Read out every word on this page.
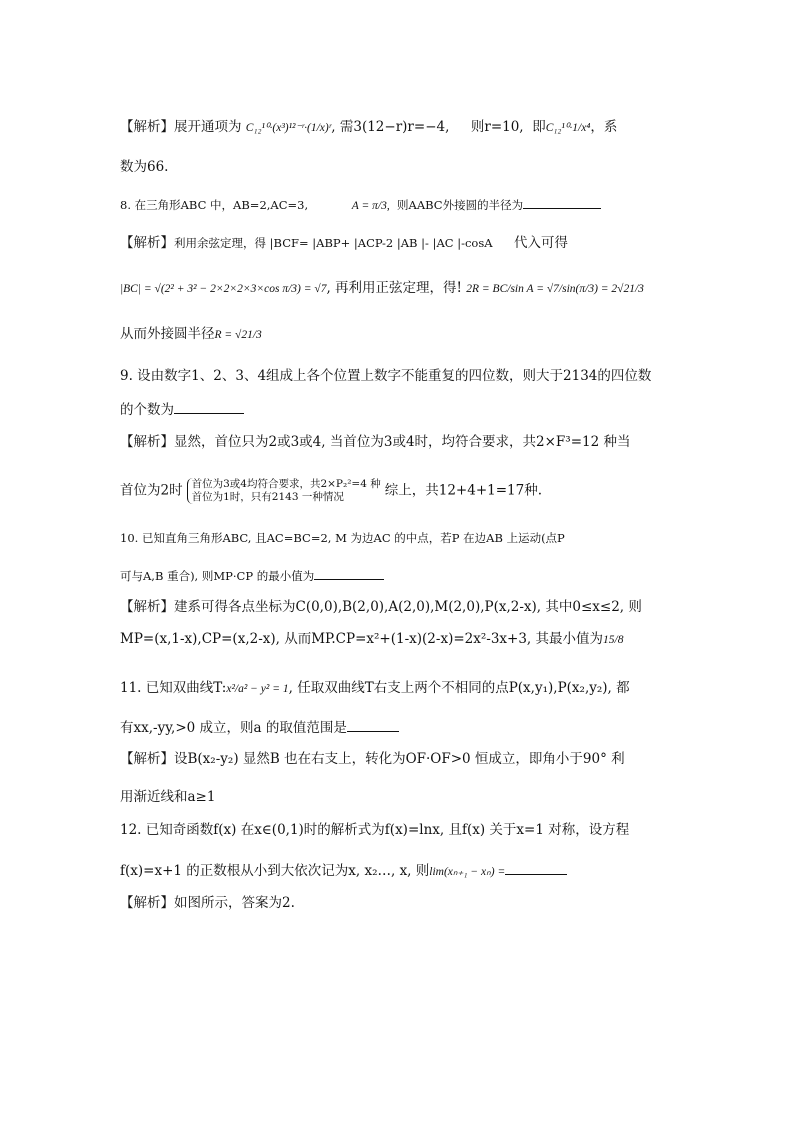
【解析】展开通项为 C₁₂¹⁰·(x³)¹²⁻ʳ·(1/x)ʳ, 需3(12−r)r=−4, 则r=10, 即C₁₂¹⁰·1/x⁴，系
数为66.
8. 在三角形ABC 中，AB=2,AC=3,	A = π/3, 则AABC外接圆的半径为
【解析】利用余弦定理，得 |BCF= |ABP+ |ACP-2 |AB |- |AC |-cosA 代入可得
|BC| = √(2² + 3² − 2×2×2×3×cos π/3) = √7, 再利用正弦定理，得! 2R = BC/sin A = √7/sin(π/3) = 2√21/3
从而外接圆半径R = √21/3
9. 设由数字1、2、3、4组成上各个位置上数字不能重复的四位数，则大于2134的四位数
的个数为
【解析】显然，首位只为2或3或4, 当首位为3或4时，均符合要求，共2×F³=12 种当
首位为2时 首位为3或4均符合要求，共2×P₂²=4 种
首位为1时，只有2143 一种情况	综上，共12+4+1=17种.
10. 已知直角三角形ABC, 且AC=BC=2, M 为边AC 的中点，若P 在边AB 上运动(点P
可与A,B 重合), 则MP·CP 的最小值为
【解析】建系可得各点坐标为C(0,0),B(2,0),A(2,0),M(2,0),P(x,2-x), 其中0≤x≤2, 则
MP=(x,1-x),CP=(x,2-x), 从而MP.CP=x²+(1-x)(2-x)=2x²-3x+3, 其最小值为15/8
11. 已知双曲线T:x²/a² − y² = 1, 任取双曲线T右支上两个不相同的点P(x,y₁),P(x₂,y₂), 都
有xx,-yy,>0 成立，则a 的取值范围是
【解析】设B(x₂-y₂) 显然B 也在右支上，转化为OF·OF>0 恒成立，即角小于90° 利
用渐近线和a≥1
12. 已知奇函数f(x) 在x∈(0,1)时的解析式为f(x)=lnx, 且f(x) 关于x=1 对称，设方程
f(x)=x+1 的正数根从小到大依次记为x, x₂…, x, 则lim(xₙ₊₁ − xₙ) =
【解析】如图所示，答案为2.
